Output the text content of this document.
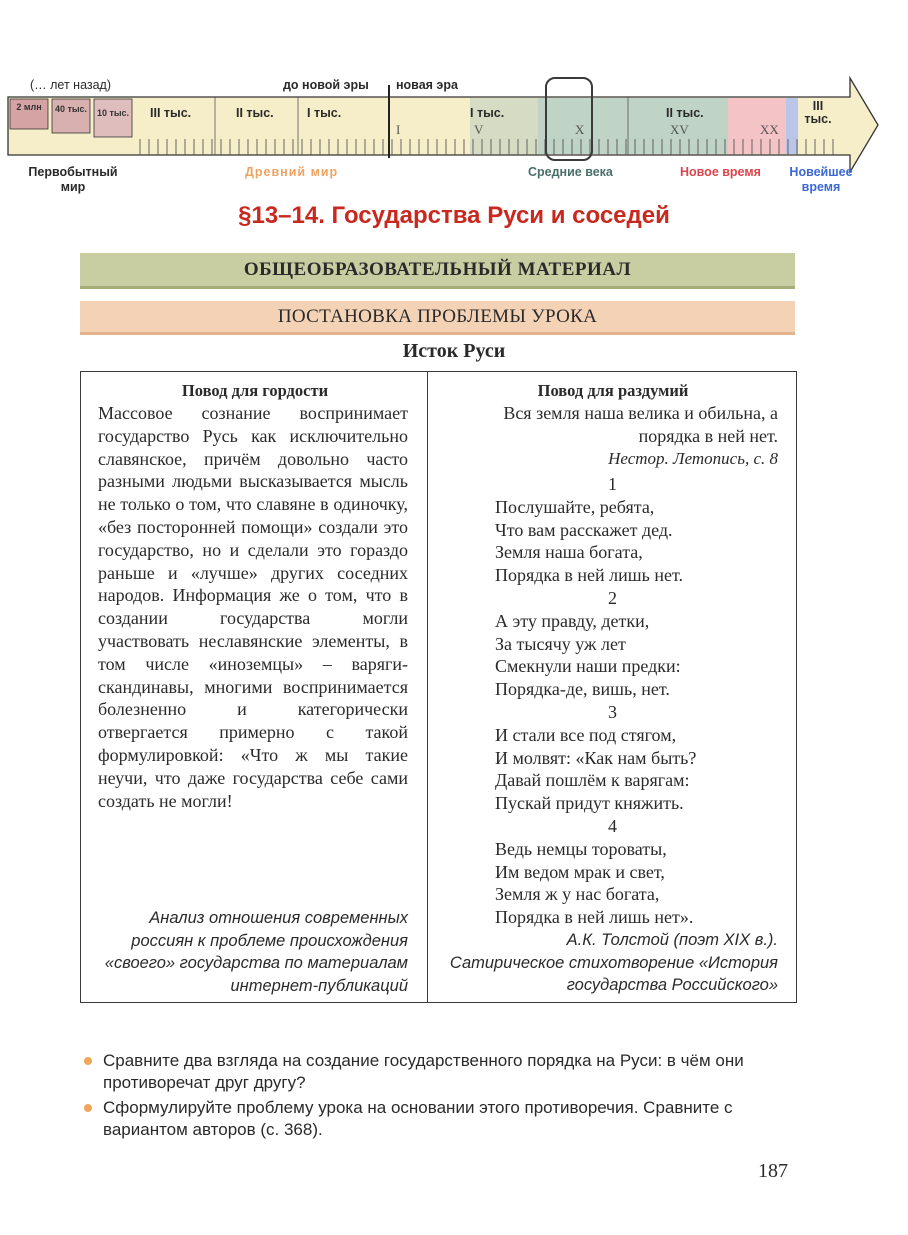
(… лет назад)	до новой эры новая эра
2 млн	40 тыс. 10 тыс. III тыс.	II тыс.	I тыс.	I тыс.	II тыс.	III тыс.
I	V	X	XV	XX
Первобытный мир
Древний мир	Средние века	Новое время	Новейшее время
§13–14. Государства Руси и соседей
ОБЩЕОБРАЗОВАТЕЛЬНЫЙ МАТЕРИАЛ
ПОСТАНОВКА ПРОБЛЕМЫ УРОКА
Исток Руси
Повод для гордости
Массовое сознание воспринимает государство Русь как исключительно славянское, причём довольно часто разными людьми высказывается мысль не только о том, что славяне в одиночку, «без посторонней помощи» создали это государство, но и сделали это гораздо раньше и «лучше» других соседних народов. Информация же о том, что в создании государства могли участвовать неславянские элементы, в том числе «иноземцы» – варяги-скандинавы, многими воспринимается болезненно и категорически отвергается примерно с такой формулировкой: «Что ж мы такие неучи, что даже государства себе сами создать не могли!
Анализ отношения современных россиян к проблеме происхождения «своего» государства по материалам интернет-публикаций
Повод для раздумий
Вся земля наша велика и обильна, а порядка в ней нет.
Нестор. Летопись, с. 8
1
Послушайте, ребята,
Что вам расскажет дед.
Земля наша богата,
Порядка в ней лишь нет.
2
А эту правду, детки,
За тысячу уж лет
Смекнули наши предки:
Порядка-де, вишь, нет.
3
И стали все под стягом,
И молвят: «Как нам быть?
Давай пошлём к варягам:
Пускай придут княжить.
4
Ведь немцы тороваты,
Им ведом мрак и свет,
Земля ж у нас богата,
Порядка в ней лишь нет».
А.К. Толстой (поэт XIX в.).
Сатирическое стихотворение «История государства Российского»
Сравните два взгляда на создание государственного порядка на Руси: в чём они противоречат друг другу?
Сформулируйте проблему урока на основании этого противоречия. Сравните с вариантом авторов (с. 368).
187
